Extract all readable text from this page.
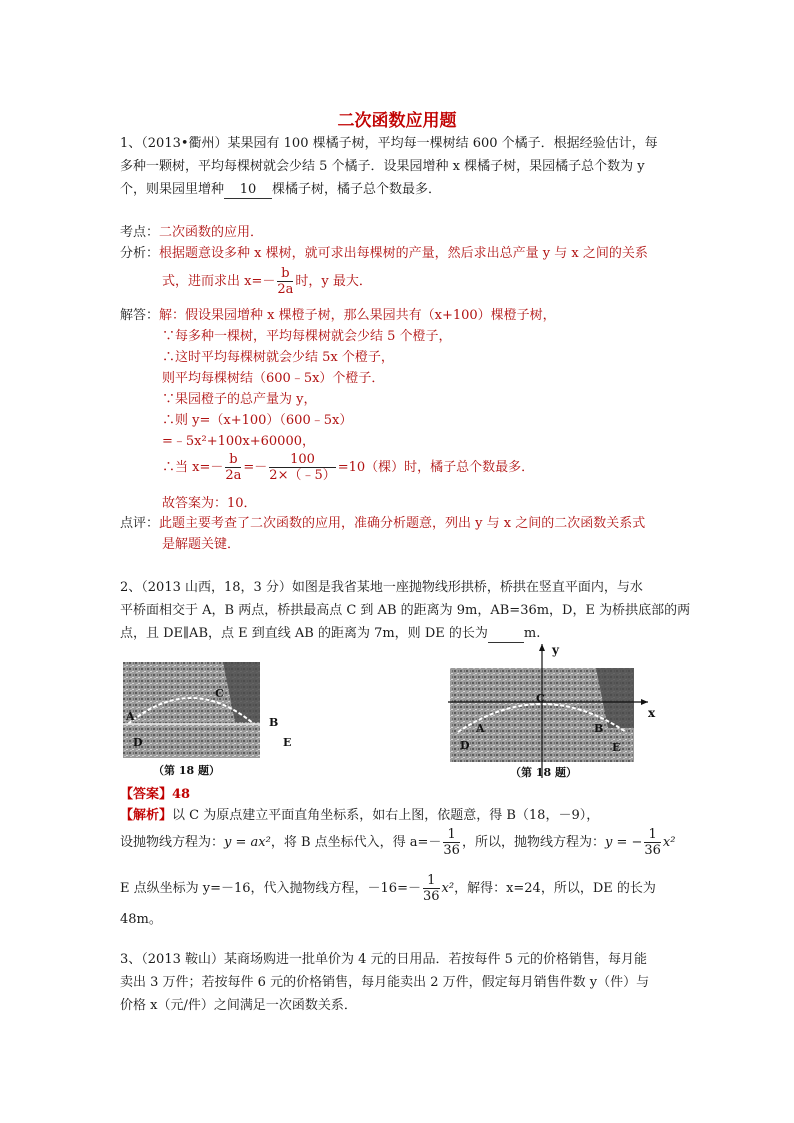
二次函数应用题
1、（2013•衢州）某果园有 100 棵橘子树，平均每一棵树结 600 个橘子．根据经验估计，每
多种一颗树，平均每棵树就会少结 5 个橘子．设果园增种 x 棵橘子树，果园橘子总个数为 y
个，则果园里增种 10 棵橘子树，橘子总个数最多．
考点：二次函数的应用．
分析：根据题意设多种 x 棵树，就可求出每棵树的产量，然后求出总产量 y 与 x 之间的关系
式，进而求出 $x=- \frac{b}{2a}$ 时，y 最大．
解答：解：假设果园增种 x 棵橙子树，那么果园共有（x+100）棵橙子树，
∵每多种一棵树，平均每棵树就会少结 5 个橙子，
∴这时平均每棵树就会少结 5x 个橙子，
则平均每棵树结（600﹣5x）个橙子．
∵果园橙子的总产量为 y，
∴则 y=（x+100）（600﹣5x）
=﹣5x²+100x+60000，
∴当 $x=- \frac{b}{2a} =- \frac{100}{2\times(﹣5)} =10$（棵）时，橘子总个数最多．
故答案为：10．
点评：此题主要考查了二次函数的应用，准确分析题意，列出 y 与 x 之间的二次函数关系式
是解题关键．
2、（2013 山西，18，3 分）如图是我省某地一座抛物线形拱桥，桥拱在竖直平面内，与水
平桥面相交于 A，B 两点，桥拱最高点 C 到 AB 的距离为 9m，AB=36m，D，E 为桥拱底部的两
点，且 DE∥AB，点 E 到直线 AB 的距离为 7m，则 DE 的长为	m.
C
A	B
D	E
（第 18 题）
y
x
C
A	B
D	E
（第 18 题）
【答案】48
【解析】以 C 为原点建立平面直角坐标系，如右上图，依题意，得 B（18，－9），
设抛物线方程为：y = ax²，将 B 点坐标代入，得 $a=- \frac{1}{36}$ ，所以，抛物线方程为：y = − $\frac{1}{36} x^2$
E 点纵坐标为 y=－16，代入抛物线方程，$-16=- \frac{1}{36} x^2$，解得：x=24，所以，DE 的长为
48m。
3、（2013 鞍山）某商场购进一批单价为 4 元的日用品．若按每件 5 元的价格销售，每月能
卖出 3 万件；若按每件 6 元的价格销售，每月能卖出 2 万件，假定每月销售件数 y（件）与
价格 x（元/件）之间满足一次函数关系．
